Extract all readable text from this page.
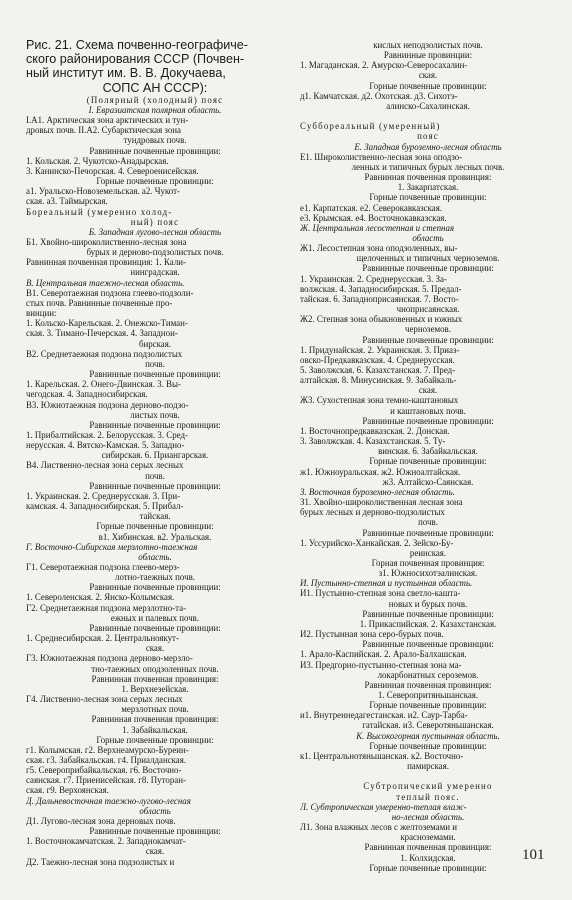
Рис. 21. Схема почвенно-географиче-
ского районирования СССР (Почвен-
ный институт им. В. В. Докучаева,
СОПС АН СССР):
(Полярный (холодный) пояс
I. Евразиатская полярная область.
I.A1. Арктическая зона арктических и тун-
дровых почв. II.A2. Субарктическая зона
тундровых почв.
Равнинные почвенные провинции:
1. Кольская. 2. Чукотско-Анадырская.
3. Канинско-Печорская. 4. Североенисейская.
Горные почвенные провинции:
a1. Уральско-Новоземельская. a2. Чукот-
ская. a3. Таймырская.
Бореальный (умеренно холод-
ный) пояс
Б. Западная лугово-лесная область
Б1. Хвойно-широколиственно-лесная зона
бурых и дерново-подзолистых почв.
Равнинная почвенная провинция: 1. Кали-
нинградская.
В. Центральная таежно-лесная область.
В1. Северотаежная подзона глеево-подзоли-
стых почв. Равнинные почвенные про-
винции:
1. Кольско-Карельская. 2. Онежско-Тиман-
ская. 3. Тимано-Печерская. 4. Западнои-
бирская.
В2. Среднетаежная подзона подзолистых
почв.
Равнинные почвенные провинции:
1. Карельская. 2. Онего-Двинская. 3. Вы-
чегодская. 4. Западносибирская.
В3. Южнотаежная подзона дерново-подзо-
листых почв.
Равнинные почвенные провинции:
1. Прибалтийская. 2. Белорусская. 3. Сред-
нерусская. 4. Вятско-Камская. 5. Западно-
сибирская. 6. Приангарская.
В4. Лиственно-лесная зона серых лесных
почв.
Равнинные почвенные провинции:
1. Украинская. 2. Среднерусская. 3. При-
камская. 4. Западносибирская. 5. Прибал-
тайская.
Горные почвенные провинции:
в1. Хибинская. в2. Уральская.
Г. Восточно-Сибирская мерзлотно-таежная
область.
Г1. Северотаежная подзона глеево-мерз-
лотно-таежных почв.
Равнинные почвенные провинции:
1. Североленская. 2. Янско-Колымская.
Г2. Среднетаежная подзона мерзлотно-та-
ежных и палевых почв.
Равнинные почвенные провинции:
1. Среднесибирская. 2. Центральноякут-
ская.
Г3. Южнотаежная подзона дерново-мерзло-
тно-таежных оподзоленных почв.
Равнинная почвенная провинция:
1. Верхнезейская.
Г4. Лиственно-лесная зона серых лесных
мерзлотных почв.
Равнинная почвенная провинция:
1. Забайкальская.
Горные почвенные провинции:
г1. Колымская. г2. Верхнеамурско-Буреин-
ская. г3. Забайкальская. г4. Приалданская.
г5. Североприбайкальская. г6. Восточно-
саянская. г7. Приенисейская. г8. Путоран-
ская. г9. Верхоянская.
Д. Дальневосточная таежно-лугово-лесная
область
Д1. Лугово-лесная зона дерновых почв.
Равнинные почвенные провинции:
1. Восточнокамчатская. 2. Западнокамчат-
ская.
Д2. Таежно-лесная зона подзолистых и
кислых неподзолистых почв.
Равнинные провинции:
1. Магаданская. 2. Амурско-Северосахалин-
ская.
Горные почвенные провинции:
д1. Камчатская. д2. Охотская. д3. Сихотэ-
алинско-Сахалинская.

Суббореальный (умеренный)
пояс
Е. Западная буроземно-лесная область
Е1. Широколиственно-лесная зона оподзо-
ленных и типичных бурых лесных почв.
Равнинная почвенная провинция:
1. Закарпатская.
Горные почвенные провинции:
е1. Карпатская. е2. Северокавказская.
е3. Крымская. е4. Восточнокавказская.
Ж. Центральная лесостепная и степная
область
Ж1. Лесостепная зона оподзоленных, вы-
щелоченных и типичных черноземов.
Равнинные почвенные провинции:
1. Украинская. 2. Среднерусская. 3. За-
волжская. 4. Западносибирская. 5. Предал-
тайская. 6. Западноприсаянская. 7. Восто-
чноприсаянская.
Ж2. Степная зона обыкновенных и южных
черноземов.
Равнинные почвенные провинции:
1. Придунайская. 2. Украинская. 3. Приаз-
овско-Предкавказская. 4. Среднерусская.
5. Заволжская. 6. Казахстанская. 7. Пред-
алтайская. 8. Минусинская. 9. Забайкаль-
ская.
Ж3. Сухостепная зона темно-каштановых
и каштановых почв.
Равнинные почвенные провинции:
1. Восточнопредкавказская. 2. Донская.
3. Заволжская. 4. Казахстанская. 5. Ту-
винская. 6. Забайкальская.
Горные почвенные провинции:
ж1. Южноуральская. ж2. Южноалтайская.
ж3. Алтайско-Саянская.
З. Восточная буроземно-лесная область.
З1. Хвойно-широколиственная лесная зона
бурых лесных и дерново-подзолистых
почв.
Равнинные почвенные провинции:
1. Уссурийско-Ханкайская. 2. Зейско-Бу-
реинская.
Горная почвенная провинция:
з1. Южносихотэалинская.
И. Пустынно-степная и пустынная область.
И1. Пустынно-степная зона светло-кашта-
новых и бурых почв.
Равнинные почвенные провинции:
1. Прикаспийская. 2. Казахстанская.
И2. Пустынная зона серо-бурых почв.
Равнинные почвенные провинции:
1. Арало-Каспийская. 2. Арало-Балхашская.
И3. Предгорно-пустынно-степная зона ма-
локарбонатных сероземов.
Равнинная почвенная провинция:
1. Северопритяньшанская.
Горные почвенные провинции:
и1. Внутреннедагестанская. и2. Саур-Тарба-
гатайская. и3. Северотяньшанская.
К. Высокогорная пустынная область.
Горные почвенные провинции:
к1. Центральнотяньшанская. к2. Восточно-
памирская.

Субтропический умеренно
теплый пояс.
Л. Субтропическая умеренно-теплая влаж-
но-лесная область.
Л1. Зона влажных лесов с желтоземами и
красноземами.
Равнинная почвенная провинция:
1. Колхидская.
Горные почвенные провинции:
101
